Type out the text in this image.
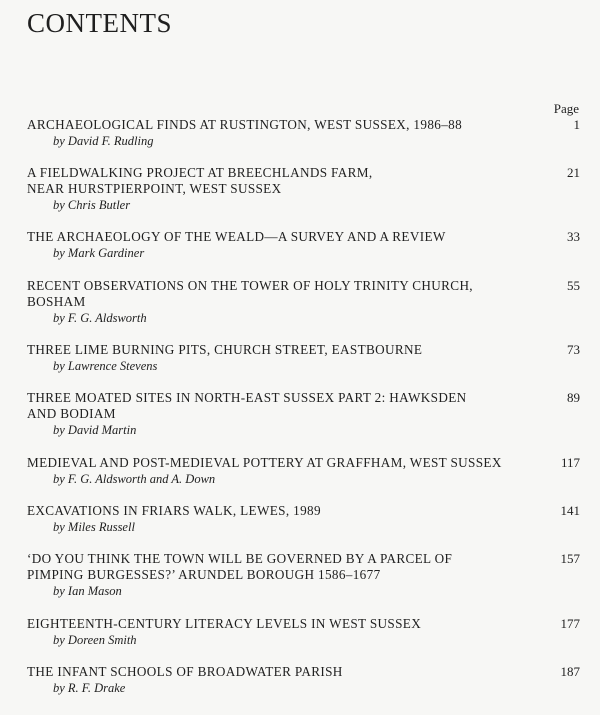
CONTENTS
Page
ARCHAEOLOGICAL FINDS AT RUSTINGTON, WEST SUSSEX, 1986–88
by David F. Rudling
1
A FIELDWALKING PROJECT AT BREECHLANDS FARM,
NEAR HURSTPIERPOINT, WEST SUSSEX
by Chris Butler
21
THE ARCHAEOLOGY OF THE WEALD—A SURVEY AND A REVIEW
by Mark Gardiner
33
RECENT OBSERVATIONS ON THE TOWER OF HOLY TRINITY CHURCH,
BOSHAM
by F. G. Aldsworth
55
THREE LIME BURNING PITS, CHURCH STREET, EASTBOURNE
by Lawrence Stevens
73
THREE MOATED SITES IN NORTH-EAST SUSSEX PART 2: HAWKSDEN
AND BODIAM
by David Martin
89
MEDIEVAL AND POST-MEDIEVAL POTTERY AT GRAFFHAM, WEST SUSSEX
by F. G. Aldsworth and A. Down
117
EXCAVATIONS IN FRIARS WALK, LEWES, 1989
by Miles Russell
141
‘DO YOU THINK THE TOWN WILL BE GOVERNED BY A PARCEL OF
PIMPING BURGESSES?’ ARUNDEL BOROUGH 1586–1677
by Ian Mason
157
EIGHTEENTH-CENTURY LITERACY LEVELS IN WEST SUSSEX
by Doreen Smith
177
THE INFANT SCHOOLS OF BROADWATER PARISH
by R. F. Drake
187
